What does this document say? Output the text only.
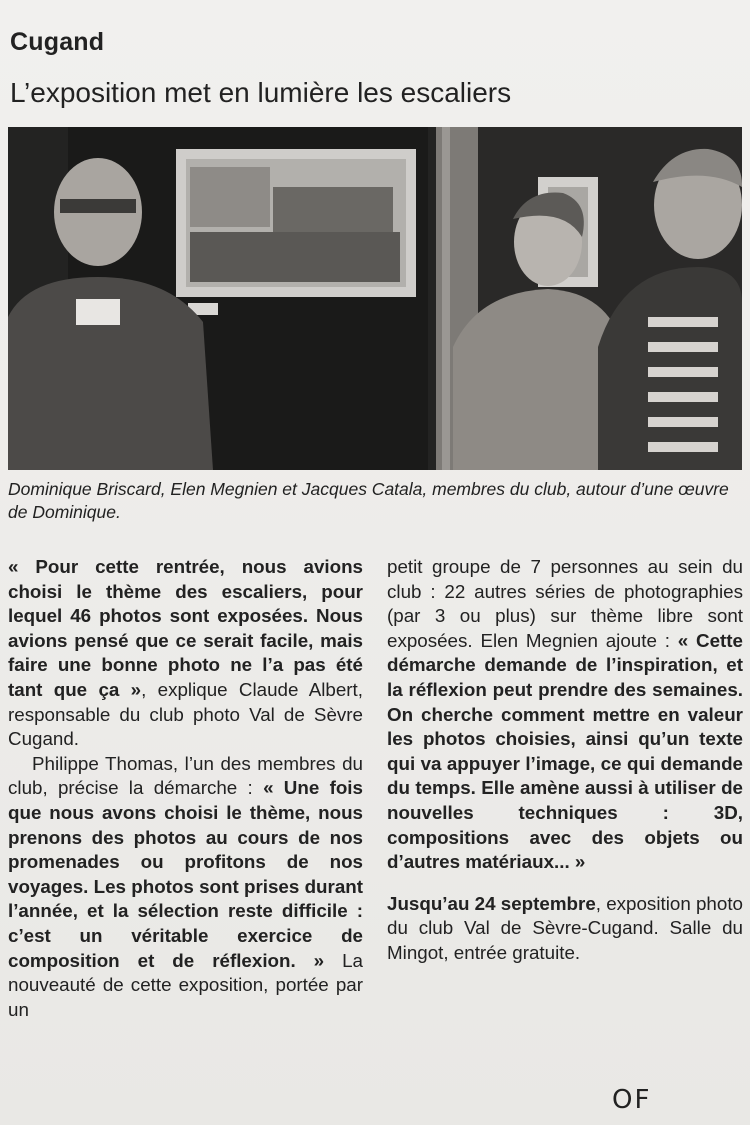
Cugand
L’exposition met en lumière les escaliers
Dominique Briscard, Elen Megnien et Jacques Catala, membres du club, autour d’une œuvre de Dominique.

« Pour cette rentrée, nous avions choisi le thème des escaliers, pour lequel 46 photos sont exposées. Nous avions pensé que ce serait facile, mais faire une bonne photo ne l’a pas été tant que ça », explique Claude Albert, responsable du club photo Val de Sèvre Cugand.

Philippe Thomas, l’un des membres du club, précise la démarche : « Une fois que nous avons choisi le thème, nous prenons des photos au cours de nos promenades ou profitons de nos voyages. Les photos sont prises durant l’année, et la sélection reste difficile : c’est un véritable exercice de composition et de réflexion. » La nouveauté de cette exposition, portée par un

petit groupe de 7 personnes au sein du club : 22 autres séries de photographies (par 3 ou plus) sur thème libre sont exposées. Elen Megnien ajoute : « Cette démarche demande de l’inspiration, et la réflexion peut prendre des semaines. On cherche comment mettre en valeur les photos choisies, ainsi qu’un texte qui va appuyer l’image, ce qui demande du temps. Elle amène aussi à utiliser de nouvelles techniques : 3D, compositions avec des objets ou d’autres matériaux... »

Jusqu’au 24 septembre, exposition photo du club Val de Sèvre-Cugand. Salle du Mingot, entrée gratuite.

OF
